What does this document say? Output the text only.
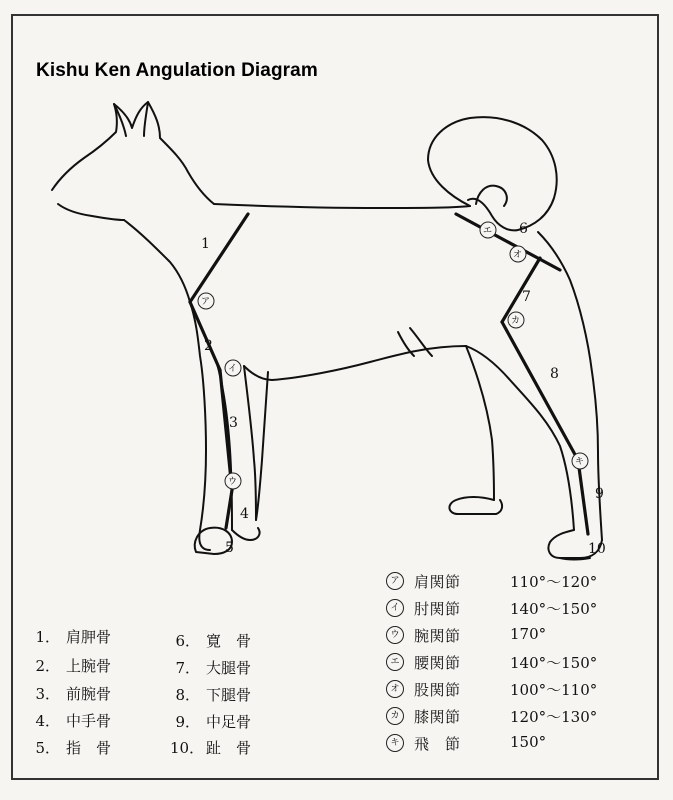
Kishu Ken Angulation Diagram
1
2
3
4
5
6
7
8
9
10
ア
イ
ウ
エ
オ
カ
キ
1． 肩胛骨
2． 上腕骨
3． 前腕骨
4． 中手骨
5． 指　骨
6． 寛　骨
7． 大腿骨
8． 下腿骨
9． 中足骨
10． 趾　骨
ア 肩関節	110°～120°
イ 肘関節	140°～150°
ウ 腕関節	170°
エ 腰関節	140°～150°
オ 股関節	100°～110°
カ 膝関節	120°～130°
キ 飛　節	150°
